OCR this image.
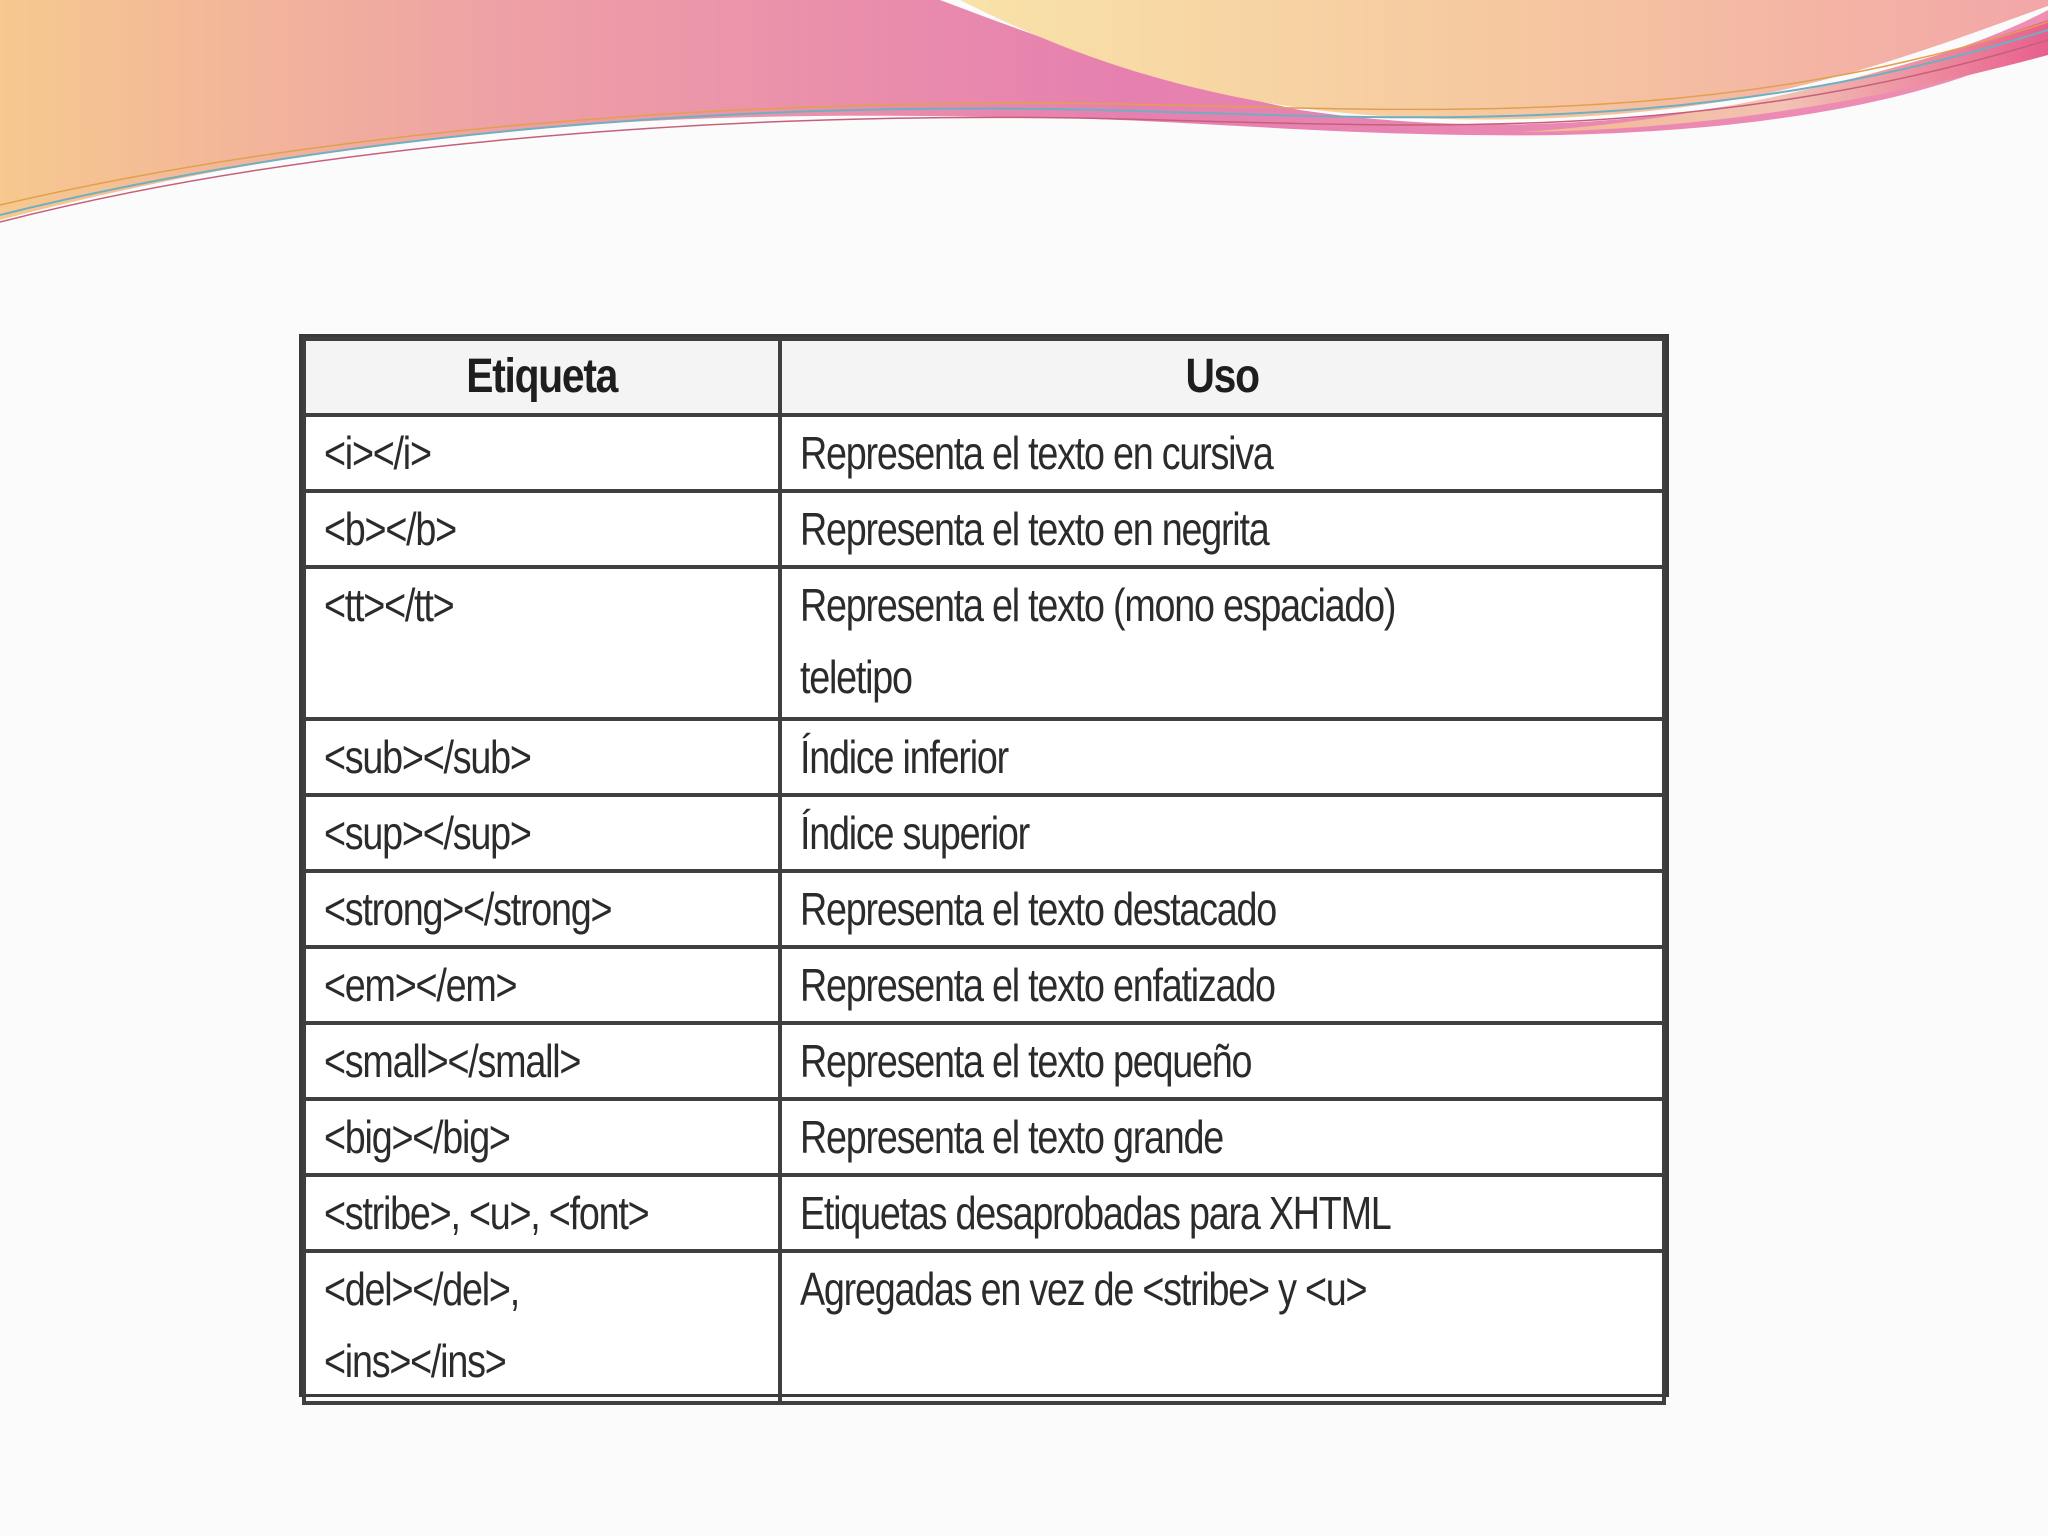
Etiqueta	Uso
<i></i>	Representa el texto en cursiva
<b></b>	Representa el texto en negrita
<tt></tt>	Representa el texto (mono espaciado)
teletipo

<sub></sub>	Índice inferior
<sup></sup>	Índice superior
<strong></strong>	Representa el texto destacado
<em></em>	Representa el texto enfatizado
<small></small>	Representa el texto pequeño
<big></big>	Representa el texto grande
<stribe>, <u>, <font>	Etiquetas desaprobadas para XHTML

<del></del>,
<ins></ins>	Agregadas en vez de <stribe> y <u>
